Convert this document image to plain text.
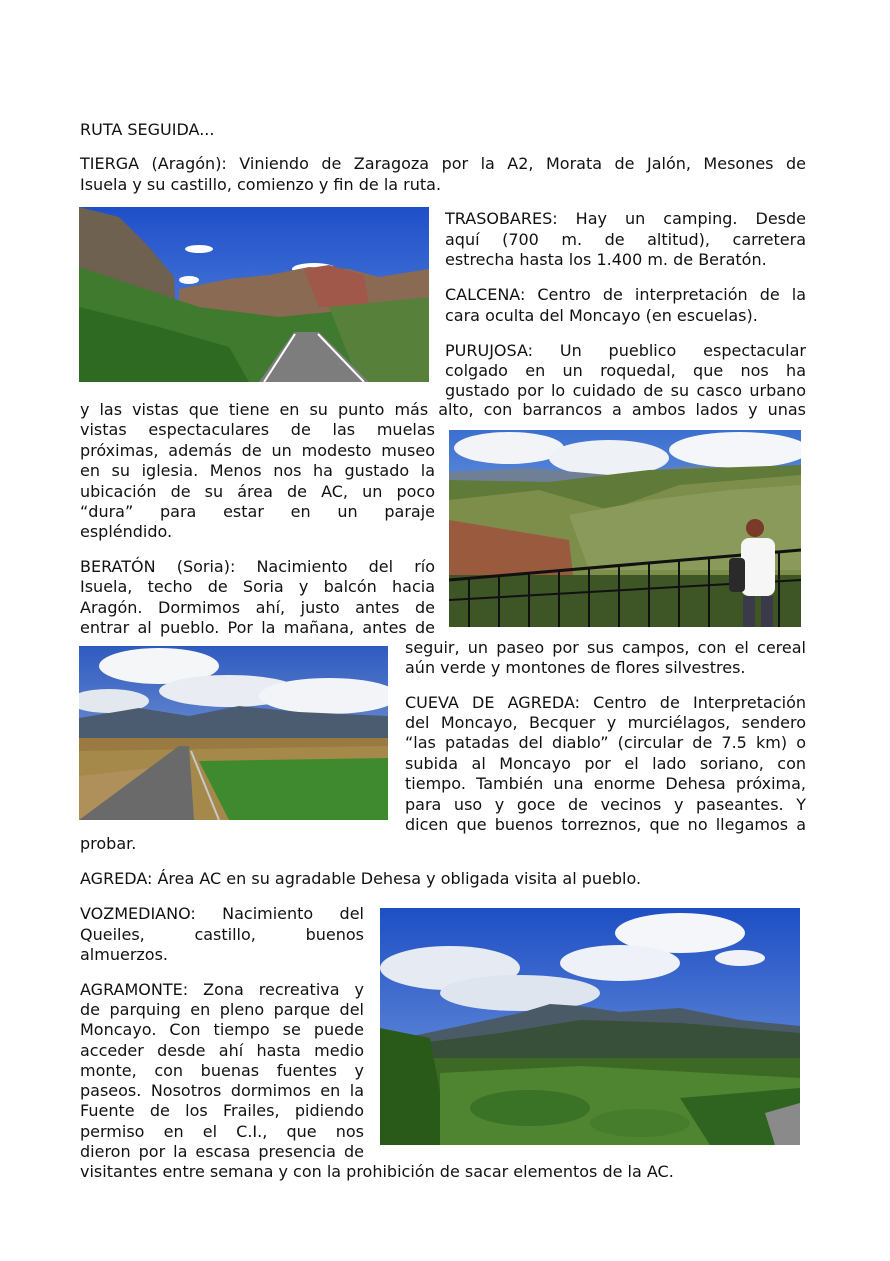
RUTA SEGUIDA...
TIERGA (Aragón): Viniendo de Zaragoza por la A2, Morata de Jalón, Mesones de
Isuela y su castillo, comienzo y fin de la ruta.
TRASOBARES: Hay un camping. Desde
aquí (700 m. de altitud), carretera
estrecha hasta los 1.400 m. de Beratón.
CALCENA: Centro de interpretación de la
cara oculta del Moncayo (en escuelas).
PURUJOSA: Un pueblico espectacular
colgado en un roquedal, que nos ha
gustado por lo cuidado de su casco urbano
y las vistas que tiene en su punto más alto, con barrancos a ambos lados y unas
vistas espectaculares de las muelas
próximas, además de un modesto museo
en su iglesia. Menos nos ha gustado la
ubicación de su área de AC, un poco
“dura” para estar en un paraje
espléndido.
BERATÓN (Soria): Nacimiento del río
Isuela, techo de Soria y balcón hacia
Aragón. Dormimos ahí, justo antes de
entrar al pueblo. Por la mañana, antes de
seguir, un paseo por sus campos, con el cereal
aún verde y montones de flores silvestres.
CUEVA DE AGREDA: Centro de Interpretación
del Moncayo, Becquer y murciélagos, sendero
“las patadas del diablo” (circular de 7.5 km) o
subida al Moncayo por el lado soriano, con
tiempo. También una enorme Dehesa próxima,
para uso y goce de vecinos y paseantes. Y
dicen que buenos torreznos, que no llegamos a
probar.
AGREDA: Área AC en su agradable Dehesa y obligada visita al pueblo.
VOZMEDIANO: Nacimiento del
Queiles, castillo, buenos
almuerzos.
AGRAMONTE: Zona recreativa y
de parquing en pleno parque del
Moncayo. Con tiempo se puede
acceder desde ahí hasta medio
monte, con buenas fuentes y
paseos. Nosotros dormimos en la
Fuente de los Frailes, pidiendo
permiso en el C.I., que nos
dieron por la escasa presencia de
visitantes entre semana y con la prohibición de sacar elementos de la AC.
